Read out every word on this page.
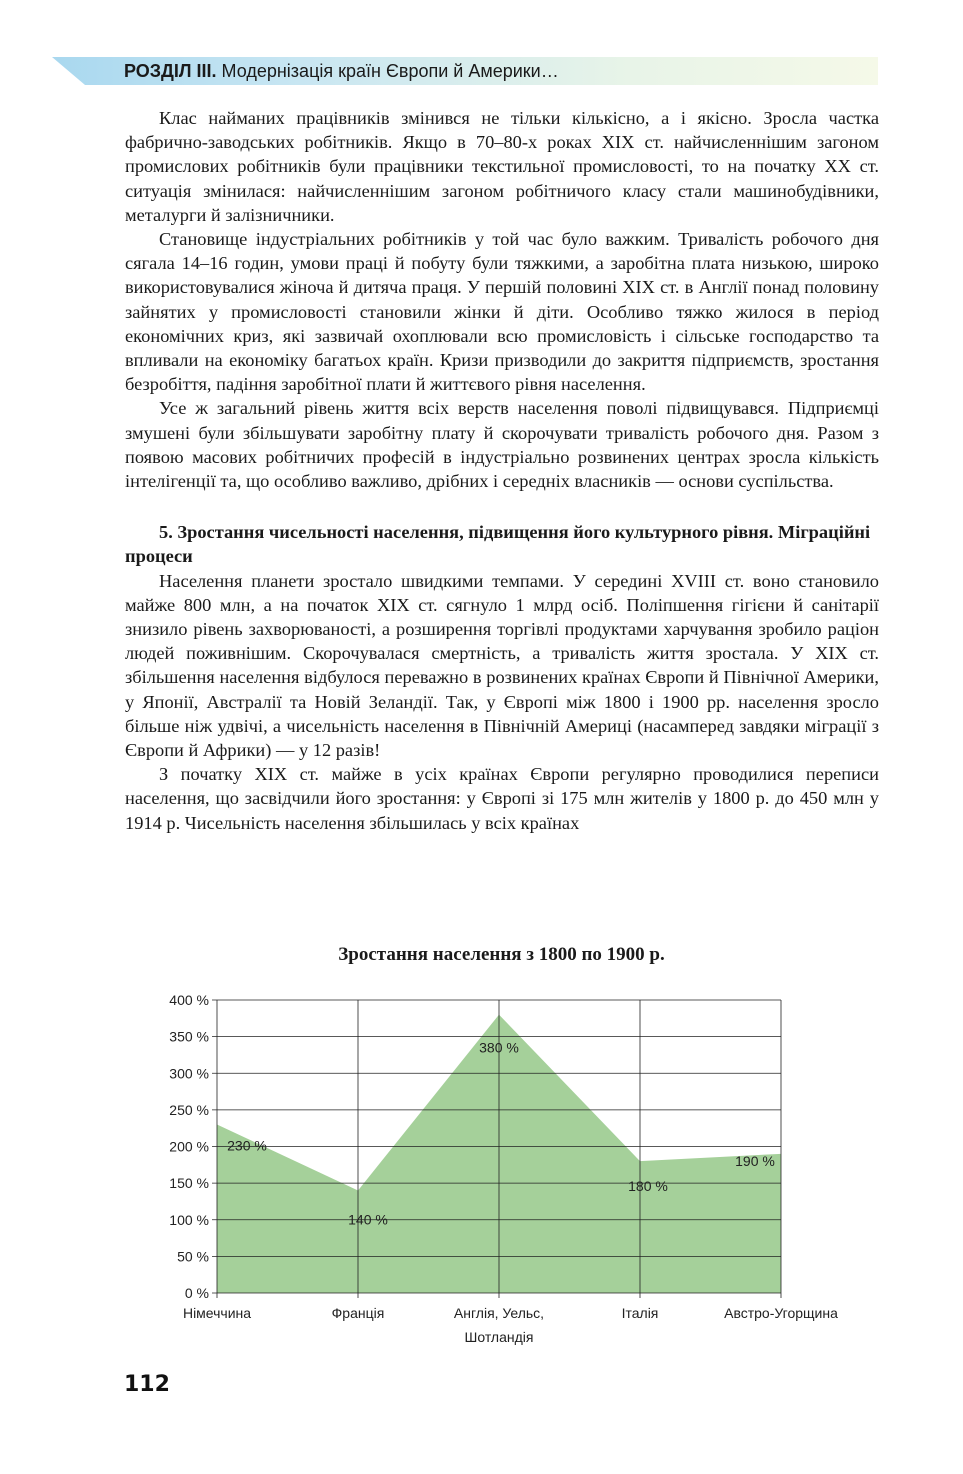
РОЗДІЛ ІІІ. Модернізація країн Європи й Америки…

Клас найманих працівників змінився не тільки кількісно, а і якісно. Зросла частка фабрично-заводських робітників. Якщо в 70–80-х роках XIX ст. найчисленнішим загоном промислових робітників були працівники текстильної промисловості, то на початку XX ст. ситуація змінилася: найчисленнішим загоном робітничого класу стали машинобудівники, металурги й залізничники.

Становище індустріальних робітників у той час було важким. Тривалість робочого дня сягала 14–16 годин, умови праці й побуту були тяжкими, а заробітна плата низькою, широко використовувалися жіноча й дитяча праця. У першій половині XIX ст. в Англії понад половину зайнятих у промисловості становили жінки й діти. Особливо тяжко жилося в період економічних криз, які зазвичай охоплювали всю промисловість і сільське господарство та впливали на економіку багатьох країн. Кризи призводили до закриття підприємств, зростання безробіття, падіння заробітної плати й життєвого рівня населення.

Усе ж загальний рівень життя всіх верств населення поволі підвищувався. Підприємці змушені були збільшувати заробітну плату й скорочувати тривалість робочого дня. Разом з появою масових робітничих професій в індустріально розвинених центрах зросла кількість інтелігенції та, що особливо важливо, дрібних і середніх власників — основи суспільства.

5. Зростання чисельності населення, підвищення його культурного рівня. Міграційні процеси

Населення планети зростало швидкими темпами. У середині XVIII ст. воно становило майже 800 млн, а на початок XIX ст. сягнуло 1 млрд осіб. Поліпшення гігієни й санітарії знизило рівень захворюваності, а розширення торгівлі продуктами харчування зробило раціон людей поживнішим. Скорочувалася смертність, а тривалість життя зростала. У XIX ст. збільшення населення відбулося переважно в розвинених країнах Європи й Північної Америки, у Японії, Австралії та Новій Зеландії. Так, у Європі між 1800 і 1900 рр. населення зросло більше ніж удвічі, а чисельність населення в Північній Америці (насамперед завдяки міграції з Європи й Африки) — у 12 разів!

З початку XIX ст. майже в усіх країнах Європи регулярно проводилися переписи населення, що засвідчили його зростання: у Європі зі 175 млн жителів у 1800 р. до 450 млн у 1914 р. Чисельність населення збільшилась у всіх країнах

Зростання населення з 1800 по 1900 р.
0 %
50 %
100 %
150 %
200 %
250 %
300 %
350 %
400 %
Німеччина	Франція	Англія, Уельс,
Шотландія
Італія	Австро-Угорщина
230 %
140 %
380 %
180 %
190 %
112
